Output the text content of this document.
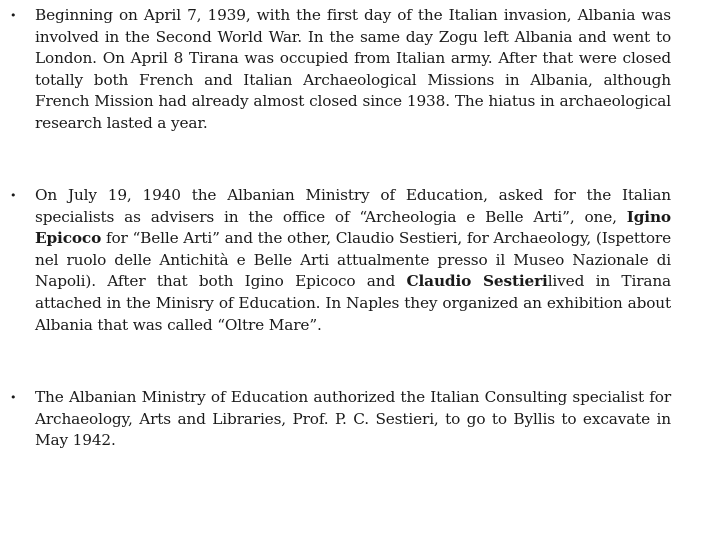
• Beginning on April 7, 1939, with the first day of the Italian invasion, Albania was involved in the Second World War. In the same day Zogu left Albania and went to London. On April 8 Tirana was occupied from Italian army. After that were closed totally both French and Italian Archaeological Missions in Albania, although French Mission had already almost closed since 1938. The hiatus in archaeological research lasted a year.
• On July 19, 1940 the Albanian Ministry of Education, asked for the Italian specialists as advisers in the office of “Archeologia e Belle Arti”, one, Igino Epicoco for “Belle Arti” and the other, Claudio Sestieri, for Archaeology, (Ispettore nel ruolo delle Antichità e Belle Arti attualmente presso il Museo Nazionale di Napoli). After that both Igino Epicoco and Claudio Sestierilived in Tirana attached in the Minisry of Education. In Naples they organized an exhibition about Albania that was called “Oltre Mare”.
• The Albanian Ministry of Education authorized the Italian Consulting specialist for Archaeology, Arts and Libraries, Prof. P. C. Sestieri, to go to Byllis to excavate in May 1942.
